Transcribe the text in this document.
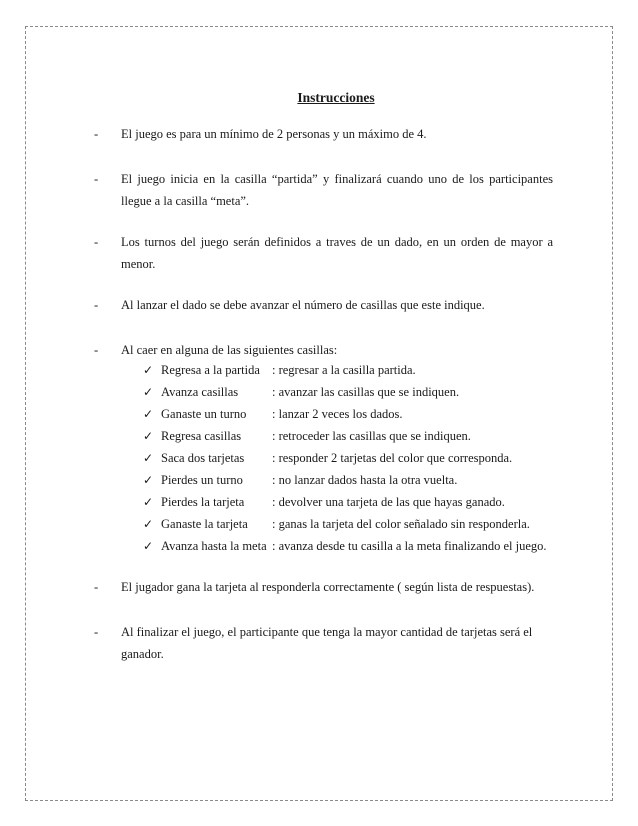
Instrucciones
- El juego es para un mínimo de 2 personas y un máximo de 4.
- El juego inicia en la casilla “partida” y finalizará cuando uno de los participantes llegue a la casilla “meta”.
- Los turnos del juego serán definidos a traves de un dado, en un orden de mayor a menor.
- Al lanzar el dado se debe avanzar el número de casillas que este indique.
- Al caer en alguna de las siguientes casillas:
✓ Regresa a la partida : regresar a la casilla partida.
✓ Avanza casillas	: avanzar las casillas que se indiquen.
✓ Ganaste un turno : lanzar 2 veces los dados.
✓ Regresa casillas : retroceder las casillas que se indiquen.
✓ Saca dos tarjetas : responder 2 tarjetas del color que corresponda.
✓ Pierdes un turno : no lanzar dados hasta la otra vuelta.
✓ Pierdes la tarjeta : devolver una tarjeta de las que hayas ganado.
✓ Ganaste la tarjeta : ganas la tarjeta del color señalado sin responderla.
✓ Avanza hasta la meta : avanza desde tu casilla a la meta finalizando el juego.
- El jugador gana la tarjeta al responderla correctamente ( según lista de respuestas).
- Al finalizar el juego, el participante que tenga la mayor cantidad de tarjetas será el ganador.
